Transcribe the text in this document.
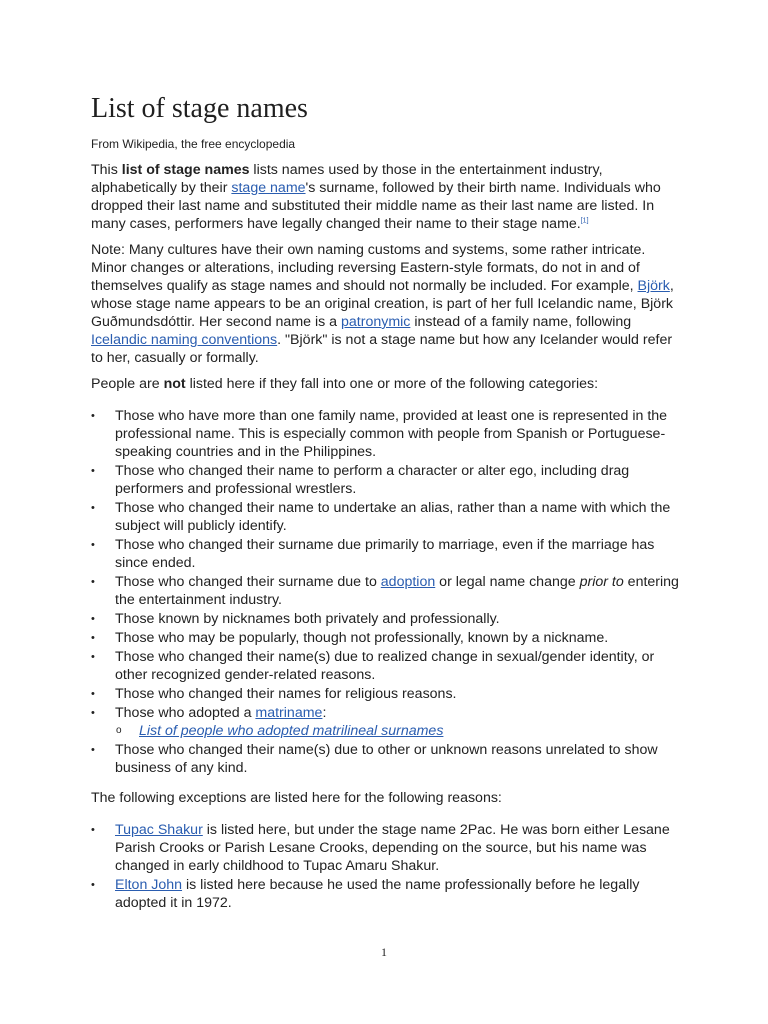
List of stage names
From Wikipedia, the free encyclopedia

This list of stage names lists names used by those in the entertainment industry, alphabetically by their stage name's surname, followed by their birth name. Individuals who dropped their last name and substituted their middle name as their last name are listed. In many cases, performers have legally changed their name to their stage name.[1]

Note: Many cultures have their own naming customs and systems, some rather intricate. Minor changes or alterations, including reversing Eastern-style formats, do not in and of themselves qualify as stage names and should not normally be included. For example, Björk, whose stage name appears to be an original creation, is part of her full Icelandic name, Björk Guðmundsdóttir. Her second name is a patronymic instead of a family name, following Icelandic naming conventions. "Björk" is not a stage name but how any Icelander would refer to her, casually or formally.

People are not listed here if they fall into one or more of the following categories:

• Those who have more than one family name, provided at least one is represented in the professional name. This is especially common with people from Spanish or Portuguese-speaking countries and in the Philippines.
• Those who changed their name to perform a character or alter ego, including drag performers and professional wrestlers.
• Those who changed their name to undertake an alias, rather than a name with which the subject will publicly identify.
• Those who changed their surname due primarily to marriage, even if the marriage has since ended.
• Those who changed their surname due to adoption or legal name change prior to entering the entertainment industry.
• Those known by nicknames both privately and professionally.
• Those who may be popularly, though not professionally, known by a nickname.
• Those who changed their name(s) due to realized change in sexual/gender identity, or other recognized gender-related reasons.
• Those who changed their names for religious reasons.
• Those who adopted a matriname:
o List of people who adopted matrilineal surnames
• Those who changed their name(s) due to other or unknown reasons unrelated to show business of any kind.

The following exceptions are listed here for the following reasons:

• Tupac Shakur is listed here, but under the stage name 2Pac. He was born either Lesane Parish Crooks or Parish Lesane Crooks, depending on the source, but his name was changed in early childhood to Tupac Amaru Shakur.
• Elton John is listed here because he used the name professionally before he legally adopted it in 1972.
1
